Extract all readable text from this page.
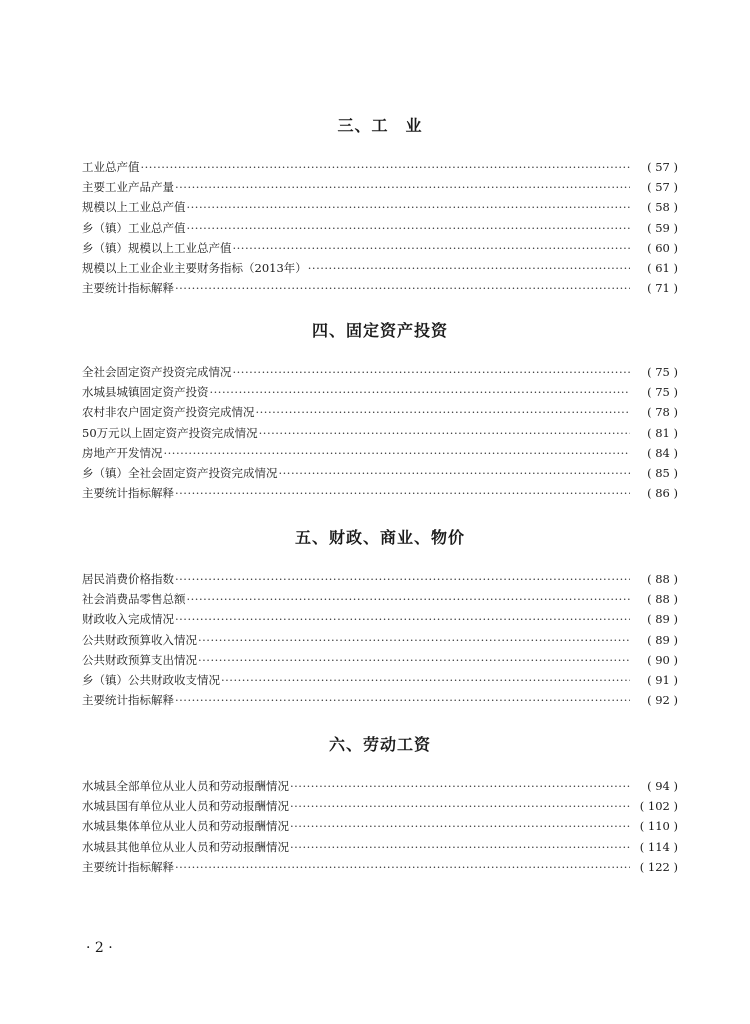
三、工　业
工业总产值 ·····	( 57 )
主要工业产品产量 ·····	( 57 )
规模以上工业总产值 ·····	( 58 )
乡（镇）工业总产值 ·····	( 59 )
乡（镇）规模以上工业总产值 ·····	( 60 )
规模以上工业企业主要财务指标（2013年） ·····	( 61 )
主要统计指标解释 ·····	( 71 )
四、固定资产投资
全社会固定资产投资完成情况 ·····	( 75 )
水城县城镇固定资产投资 ·····	( 75 )
农村非农户固定资产投资完成情况 ·····	( 78 )
50万元以上固定资产投资完成情况 ·····	( 81 )
房地产开发情况 ·····	( 84 )
乡（镇）全社会固定资产投资完成情况 ·····	( 85 )
主要统计指标解释 ·····	( 86 )
五、财政、商业、物价
居民消费价格指数 ·····	( 88 )
社会消费品零售总额 ·····	( 88 )
财政收入完成情况 ·····	( 89 )
公共财政预算收入情况 ·····	( 89 )
公共财政预算支出情况 ·····	( 90 )
乡（镇）公共财政收支情况 ·····	( 91 )
主要统计指标解释 ·····	( 92 )
六、劳动工资
水城县全部单位从业人员和劳动报酬情况 ·····	( 94 )
水城县国有单位从业人员和劳动报酬情况 ·····	( 102 )
水城县集体单位从业人员和劳动报酬情况 ·····	( 110 )
水城县其他单位从业人员和劳动报酬情况 ·····	( 114 )
主要统计指标解释 ·····	( 122 )
· 2 ·
